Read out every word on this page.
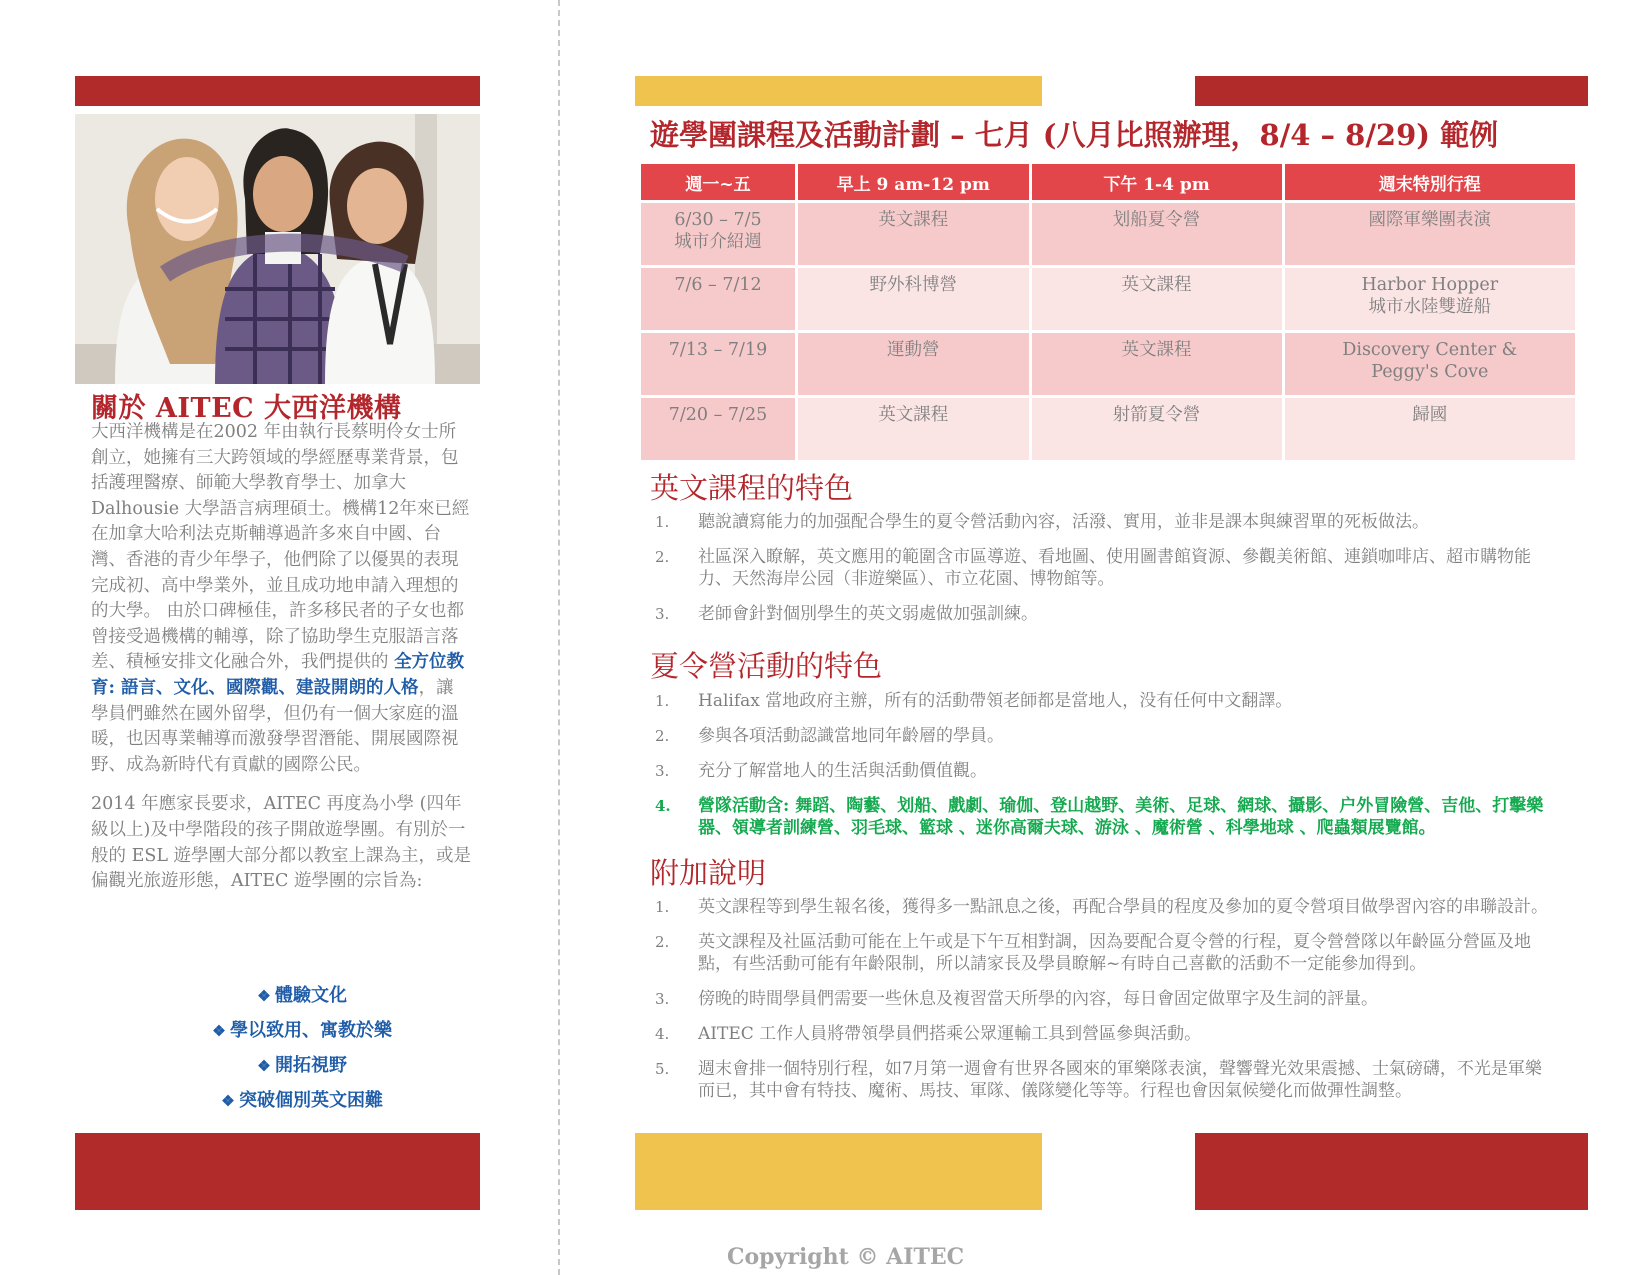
關於 AITEC 大西洋機構

大西洋機構是在2002 年由執行長蔡明伶女士所創立，她擁有三大跨領域的學經歷專業背景，包括護理醫療、師範大學教育學士、加拿大 Dalhousie 大學語言病理碩士。機構12年來已經在加拿大哈利法克斯輔導過許多來自中國、台灣、香港的青少年學子，他們除了以優異的表現完成初、高中學業外，並且成功地申請入理想的的大學。 由於口碑極佳，許多移民者的子女也都曾接受過機構的輔導，除了協助學生克服語言落差、積極安排文化融合外，我們提供的 全方位教育: 語言、文化、國際觀、建設開朗的人格，讓學員們雖然在國外留學，但仍有一個大家庭的溫暖，也因專業輔導而激發學習潛能、開展國際視野、成為新時代有貢獻的國際公民。

2014 年應家長要求，AITEC 再度為小學 (四年級以上)及中學階段的孩子開啟遊學團。有別於一般的 ESL 遊學團大部分都以教室上課為主，或是偏觀光旅遊形態，AITEC 遊學團的宗旨為:

❖ 體驗文化
❖ 學以致用、寓教於樂
❖ 開拓視野
❖ 突破個別英文困難
遊學團課程及活動計劃 – 七月 (八月比照辦理，8/4 – 8/29) 範例
週一~五	早上 9 am-12 pm	下午 1-4 pm	週末特別行程

6/30 – 7/5
城市介紹週	英文課程	划船夏令營	國際軍樂團表演

7/6 – 7/12	野外科博營	英文課程	Harbor Hopper
城市水陸雙遊船

7/13 – 7/19	運動營	英文課程	Discovery Center &
Peggy's Cove

7/20 – 7/25	英文課程	射箭夏令營	歸國
英文課程的特色
1.	聽說讀寫能力的加强配合學生的夏令營活動內容，活潑、實用，並非是課本與練習單的死板做法。
2.	社區深入瞭解，英文應用的範圍含市區導遊、看地圖、使用圖書館資源、參觀美術館、連鎖咖啡店、超市購物能力、天然海岸公园（非遊樂區）、市立花園、博物館等。
3.	老師會針對個別學生的英文弱處做加强訓練。
夏令營活動的特色
1.	Halifax 當地政府主辦，所有的活動帶領老師都是當地人，没有任何中文翻譯。
2.	參與各項活動認識當地同年齡層的學員。
3.	充分了解當地人的生活與活動價值觀。
4.	營隊活動含: 舞蹈、陶藝、划船、戲劇、瑜伽、登山越野、美術、足球、網球、攝影、户外冒險營、吉他、打擊樂器、領導者訓練營、羽毛球、籃球 、迷你高爾夫球、游泳 、魔術營 、科學地球 、爬蟲類展覽館。
附加說明
1.	英文課程等到學生報名後，獲得多一點訊息之後，再配合學員的程度及參加的夏令營項目做學習內容的串聯設計。
2.	英文課程及社區活動可能在上午或是下午互相對調，因為要配合夏令營的行程，夏令營營隊以年齡區分營區及地點，有些活動可能有年齡限制，所以請家長及學員瞭解~有時自己喜歡的活動不一定能參加得到。
3.	傍晚的時間學員們需要一些休息及複習當天所學的內容，每日會固定做單字及生詞的評量。
4.	AITEC 工作人員將帶領學員們搭乘公眾運輸工具到營區參與活動。
5.	週末會排一個特別行程，如7月第一週會有世界各國來的軍樂隊表演，聲響聲光效果震撼、士氣磅礴，不光是軍樂而已，其中會有特技、魔術、馬技、軍隊、儀隊變化等等。行程也會因氣候變化而做彈性調整。
Copyright © AITEC
